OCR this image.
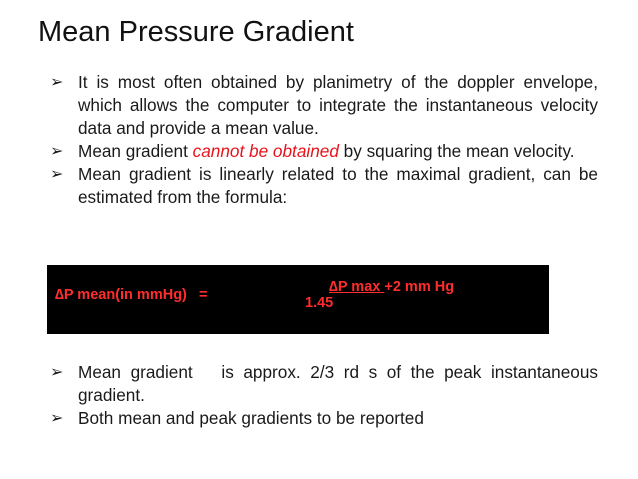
Mean Pressure Gradient
➢ It is most often obtained by planimetry of the doppler envelope, which allows the computer to integrate the instantaneous velocity data and provide a mean value.
➢ Mean gradient cannot be obtained by squaring the mean velocity.
➢ Mean gradient is linearly related to the maximal gradient, can be estimated from the formula:
∆P mean(in mmHg)   =	∆P max +2 mm Hg
1.45
➢ Mean gradient   is approx. 2/3 rd s of the peak instantaneous gradient.
➢ Both mean and peak gradients to be reported
